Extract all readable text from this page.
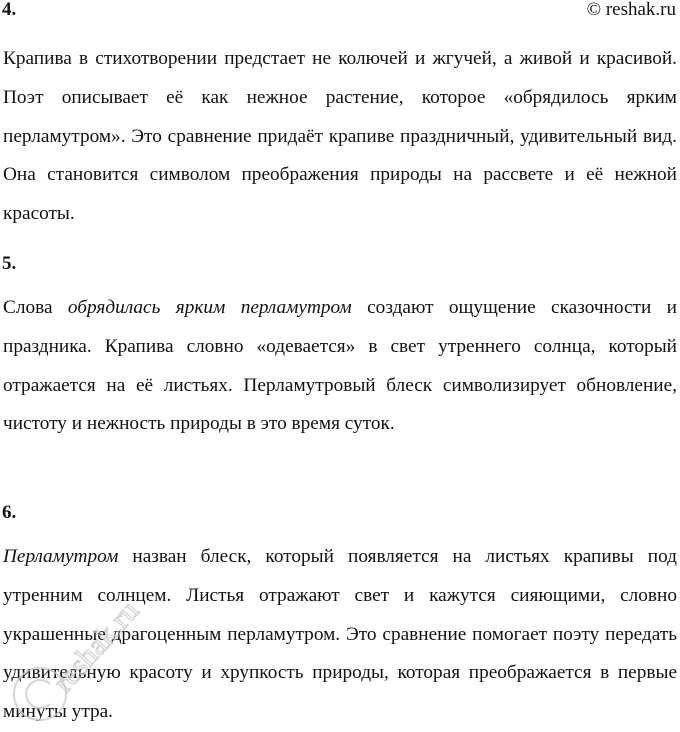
4.	© reshak.ru

Крапива в стихотворении предстает не колючей и жгучей, а живой и красивой. Поэт описывает её как нежное растение, которое «обрядилось ярким перламутром». Это сравнение придаёт крапиве праздничный, удивительный вид. Она становится символом преображения природы на рассвете и её нежной красоты.

5.

Слова обрядилась ярким перламутром создают ощущение сказочности и праздника. Крапива словно «одевается» в свет утреннего солнца, который отражается на её листьях. Перламутровый блеск символизирует обновление, чистоту и нежность природы в это время суток.

6.

Перламутром назван блеск, который появляется на листьях крапивы под утренним солнцем. Листья отражают свет и кажутся сияющими, словно украшенные драгоценным перламутром. Это сравнение помогает поэту передать удивительную красоту и хрупкость природы, которая преображается в первые минуты утра.

reshak.ru
